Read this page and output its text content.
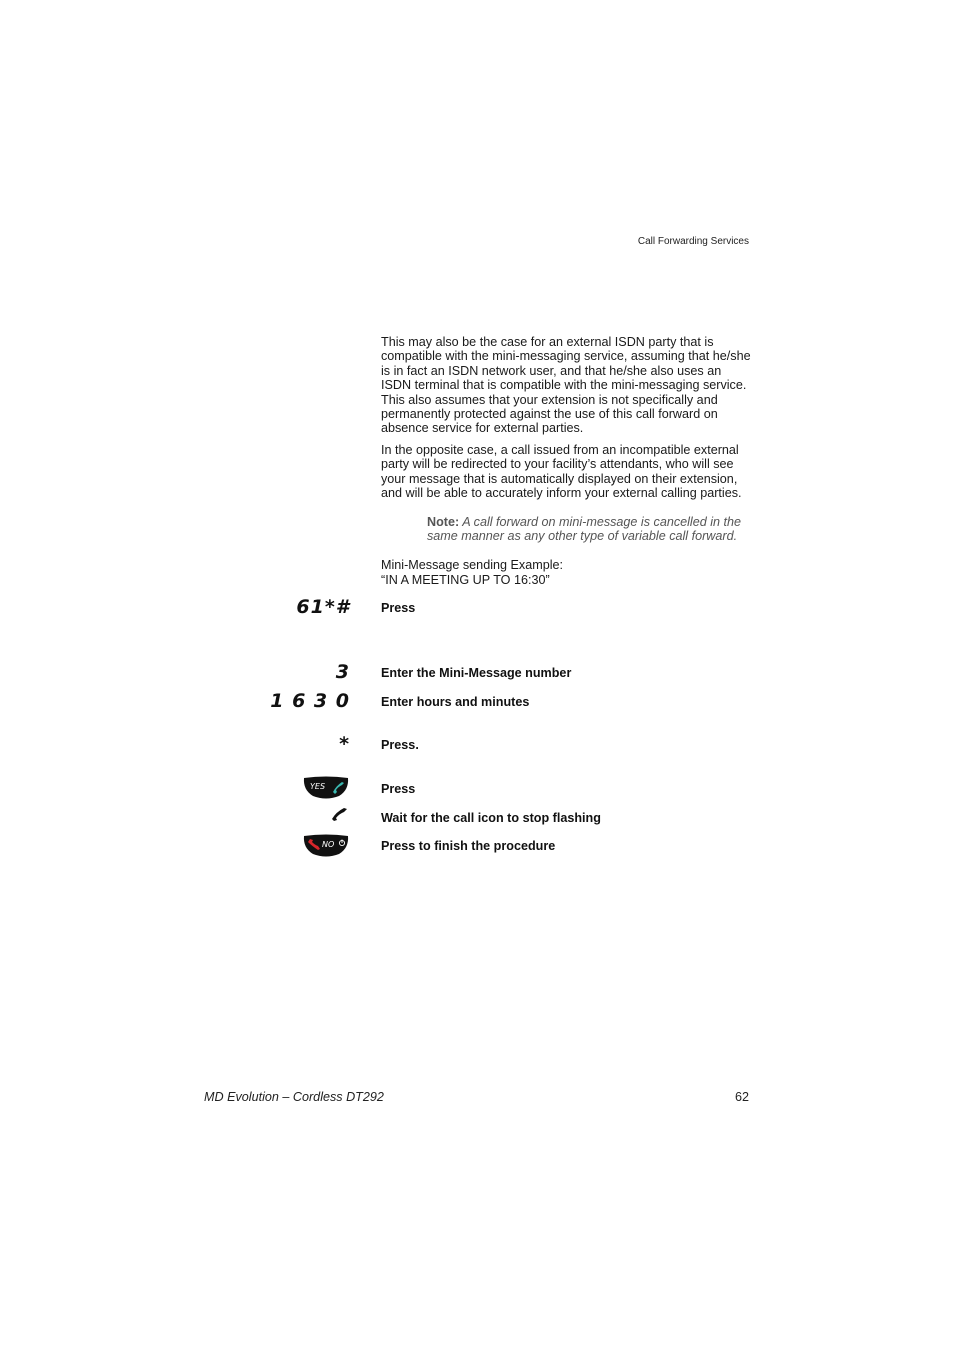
Call Forwarding Services

This may also be the case for an external ISDN party that is compatible with the mini-messaging service, assuming that he/she is in fact an ISDN network user, and that he/she also uses an ISDN terminal that is compatible with the mini-messaging service. This also assumes that your extension is not specifically and permanently protected against the use of this call forward on absence service for external parties.

In the opposite case, a call issued from an incompatible external party will be redirected to your facility’s attendants, who will see your message that is automatically displayed on their extension, and will be able to accurately inform your external calling parties.

Note: A call forward on mini-message is cancelled in the same manner as any other type of variable call forward.
Mini-Message sending Example:
“IN A MEETING UP TO 16:30”
61*# Press
3 Enter the Mini-Message number
1 6 3 0 Enter hours and minutes
* Press.
YES	Press
Wait for the call icon to stop flashing
NO	Press to finish the procedure
MD Evolution – Cordless DT292	62
